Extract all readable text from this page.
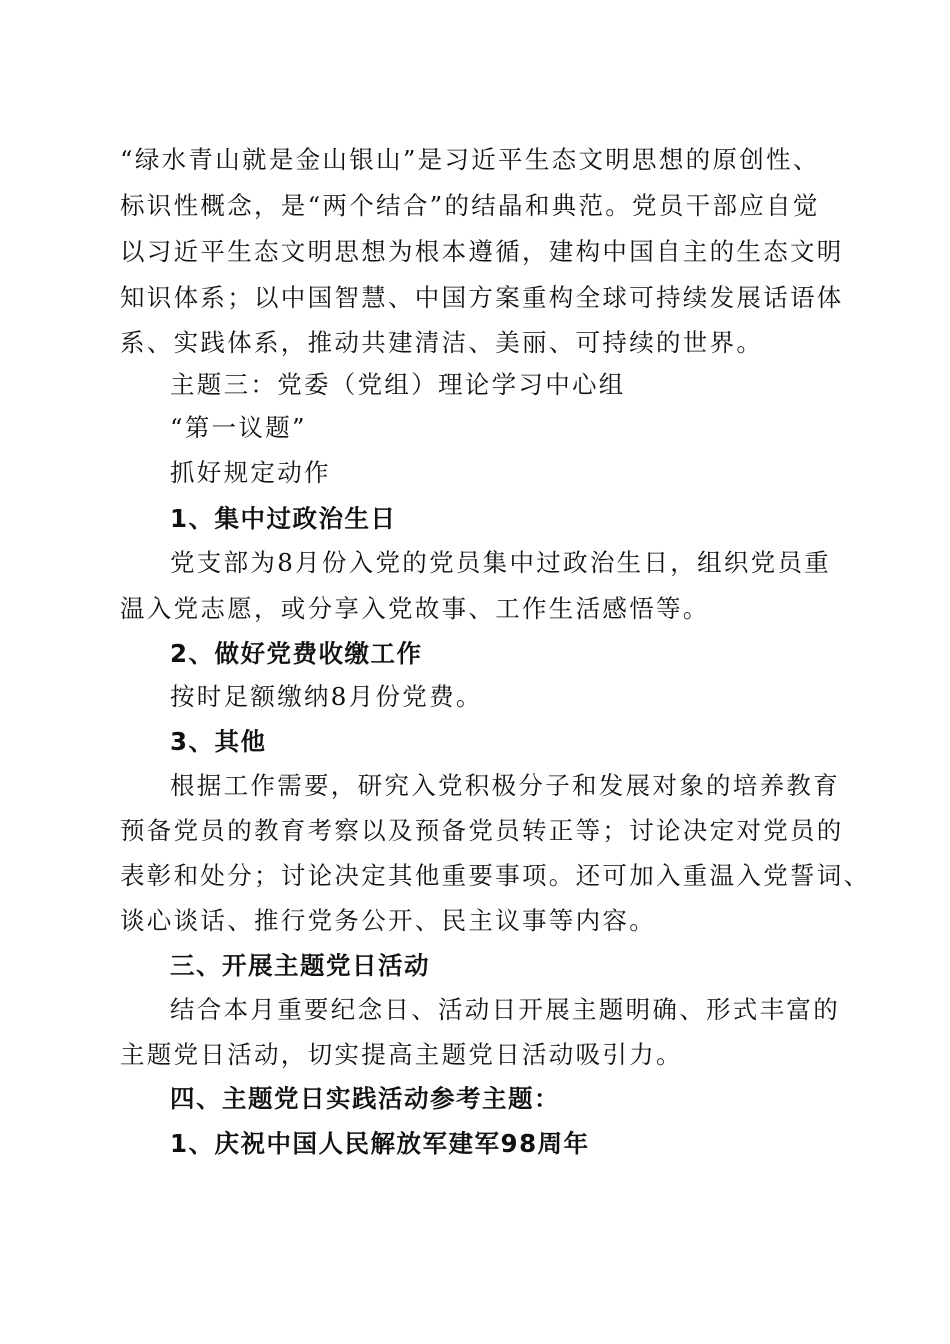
“绿水青山就是金山银山”是习近平生态文明思想的原创性、
标识性概念，是“两个结合”的结晶和典范。党员干部应自觉
以习近平生态文明思想为根本遵循，建构中国自主的生态文明
知识体系；以中国智慧、中国方案重构全球可持续发展话语体
系、实践体系，推动共建清洁、美丽、可持续的世界。
主题三：党委（党组）理论学习中心组
“第一议题”
抓好规定动作
1、集中过政治生日
党支部为8月份入党的党员集中过政治生日，组织党员重
温入党志愿，或分享入党故事、工作生活感悟等。
2、做好党费收缴工作
按时足额缴纳8月份党费。
3、其他
根据工作需要，研究入党积极分子和发展对象的培养教育
预备党员的教育考察以及预备党员转正等；讨论决定对党员的
表彰和处分；讨论决定其他重要事项。还可加入重温入党誓词、
谈心谈话、推行党务公开、民主议事等内容。
三、开展主题党日活动
结合本月重要纪念日、活动日开展主题明确、形式丰富的
主题党日活动，切实提高主题党日活动吸引力。
四、主题党日实践活动参考主题：
1、庆祝中国人民解放军建军98周年
